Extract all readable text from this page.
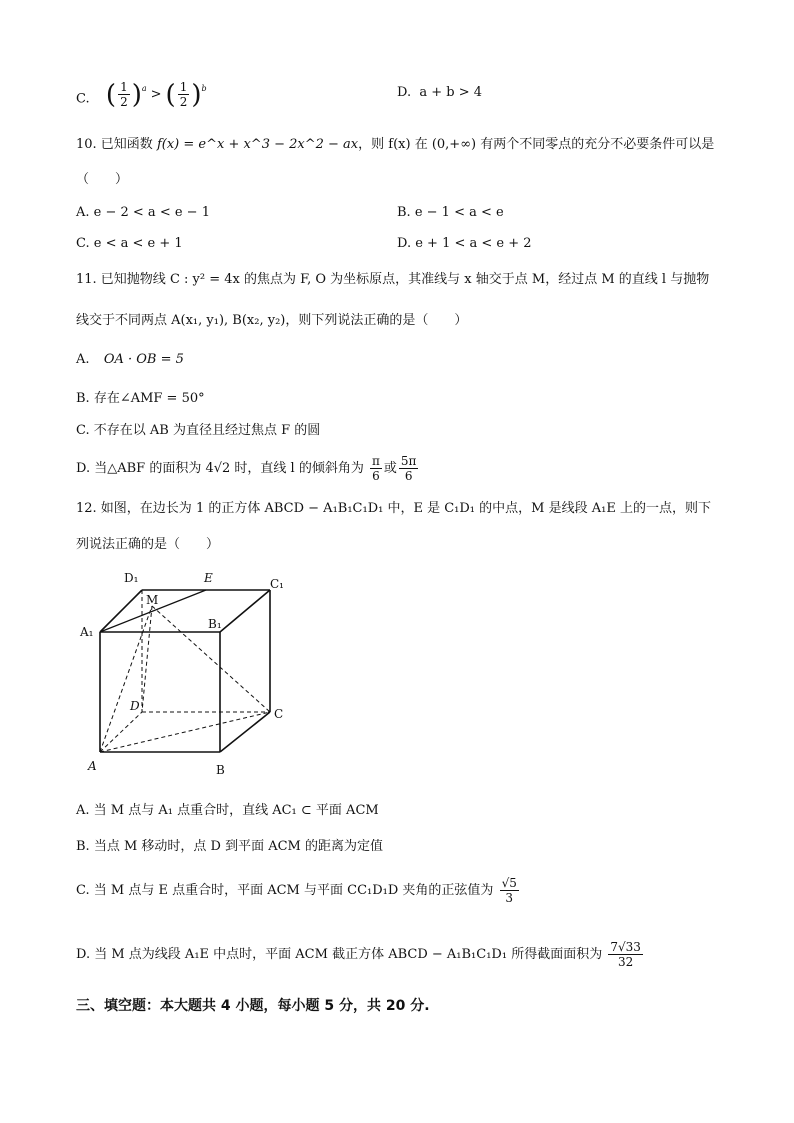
C. ( $\frac{1}{2}$ ) $^a$ > ( $\frac{1}{2}$ ) $^b$	D. a + b > 4
10. 已知函数 f(x) = e^x + x^3 − 2x^2 − ax，则 f(x) 在 (0,+∞) 有两个不同零点的充分不必要条件可以是
（　　）
A. e − 2 < a < e − 1	B. e − 1 < a < e
C. e < a < e + 1	D. e + 1 < a < e + 2
11. 已知抛物线 C : y² = 4x 的焦点为 F, O 为坐标原点，其准线与 x 轴交于点 M，经过点 M 的直线 l 与抛物
线交于不同两点 A(x₁, y₁), B(x₂, y₂)，则下列说法正确的是（　　）
A. OA · OB = 5
B. 存在∠AMF = 50°
C. 不存在以 AB 为直径且经过焦点 F 的圆
D. 当△ABF 的面积为 4√2 时，直线 l 的倾斜角为 $\frac{\pi}{6}$ 或 $\frac{5\pi}{6}$
12. 如图，在边长为 1 的正方体 ABCD − A₁B₁C₁D₁ 中，E 是 C₁D₁ 的中点，M 是线段 A₁E 上的一点，则下
列说法正确的是（　　）
D₁	E	C₁
M
A₁
B₁
D
C
A	B
A. 当 M 点与 A₁ 点重合时，直线 AC₁ ⊂ 平面 ACM
B. 当点 M 移动时，点 D 到平面 ACM 的距离为定值
C. 当 M 点与 E 点重合时，平面 ACM 与平面 CC₁D₁D 夹角的正弦值为 $\frac{√5}{3}$
D. 当 M 点为线段 A₁E 中点时，平面 ACM 截正方体 ABCD − A₁B₁C₁D₁ 所得截面面积为 $\frac{7√33}{32}$
三、填空题：本大题共 4 小题，每小题 5 分，共 20 分.
